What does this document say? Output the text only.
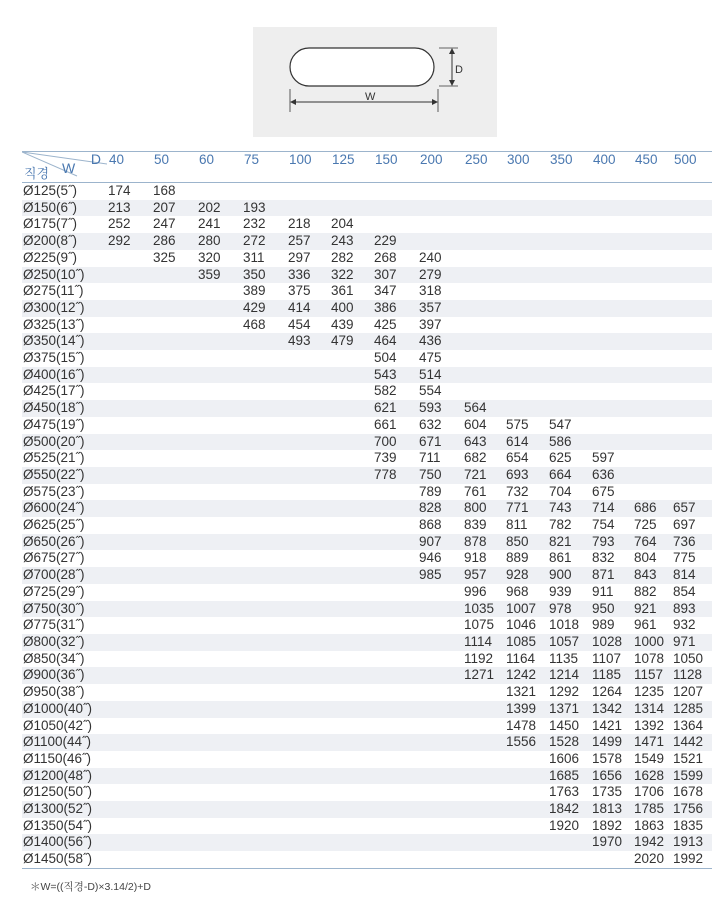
D
W
D
W
직경	40	50	60	75	100	125	150	200	250	300	350	400	450	500
Ø125(5˝)	174	168												
Ø150(6˝)	213	207	202	193										
Ø175(7˝)	252	247	241	232	218	204								
Ø200(8˝)	292	286	280	272	257	243	229							
Ø225(9˝)		325	320	311	297	282	268	240						
Ø250(10˝)			359	350	336	322	307	279						
Ø275(11˝)				389	375	361	347	318						
Ø300(12˝)				429	414	400	386	357						
Ø325(13˝)				468	454	439	425	397						
Ø350(14˝)					493	479	464	436						
Ø375(15˝)							504	475						
Ø400(16˝)							543	514						
Ø425(17˝)							582	554						
Ø450(18˝)							621	593	564					
Ø475(19˝)							661	632	604	575	547			
Ø500(20˝)							700	671	643	614	586			
Ø525(21˝)							739	711	682	654	625	597		
Ø550(22˝)							778	750	721	693	664	636		
Ø575(23˝)								789	761	732	704	675		
Ø600(24˝)								828	800	771	743	714	686	657
Ø625(25˝)								868	839	811	782	754	725	697
Ø650(26˝)								907	878	850	821	793	764	736
Ø675(27˝)								946	918	889	861	832	804	775
Ø700(28˝)								985	957	928	900	871	843	814
Ø725(29˝)									996	968	939	911	882	854
Ø750(30˝)									1035	1007	978	950	921	893
Ø775(31˝)									1075	1046	1018	989	961	932
Ø800(32˝)									1114	1085	1057	1028	1000	971
Ø850(34˝)									1192	1164	1135	1107	1078	1050
Ø900(36˝)									1271	1242	1214	1185	1157	1128
Ø950(38˝)										1321	1292	1264	1235	1207
Ø1000(40˝)										1399	1371	1342	1314	1285
Ø1050(42˝)										1478	1450	1421	1392	1364
Ø1100(44˝)										1556	1528	1499	1471	1442
Ø1150(46˝)											1606	1578	1549	1521
Ø1200(48˝)											1685	1656	1628	1599
Ø1250(50˝)											1763	1735	1706	1678
Ø1300(52˝)											1842	1813	1785	1756
Ø1350(54˝)											1920	1892	1863	1835
Ø1400(56˝)												1970	1942	1913
Ø1450(58˝)													2020	1992
＊W=((직경-D)×3.14/2)+D
